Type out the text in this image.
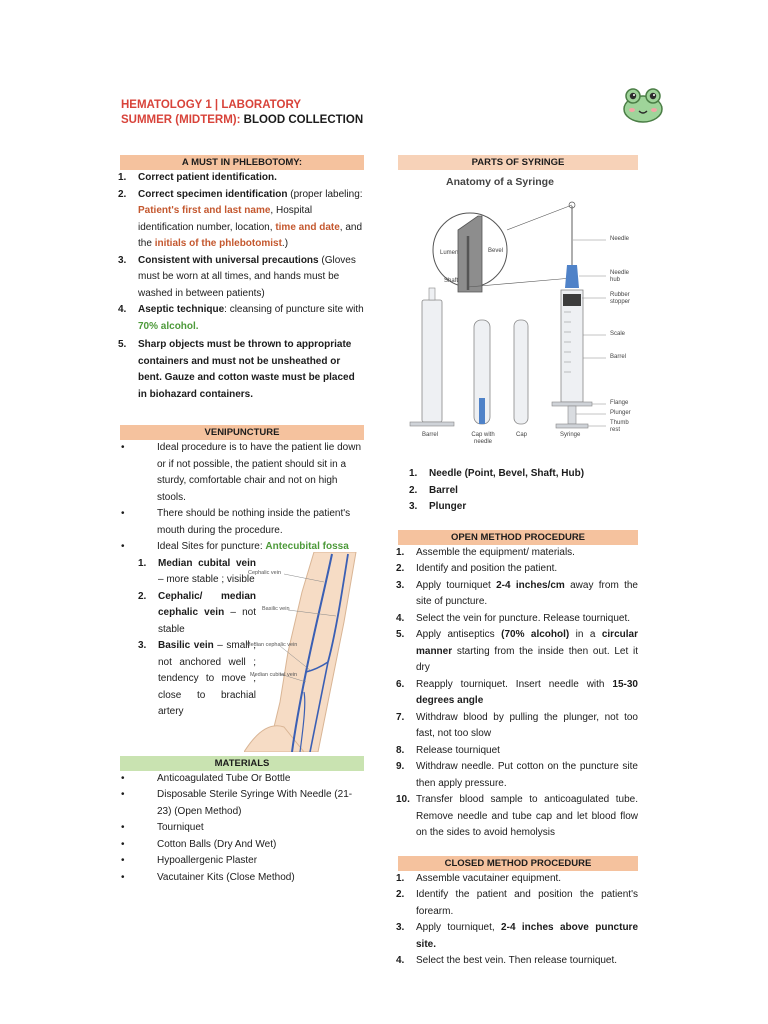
HEMATOLOGY 1 | LABORATORY
SUMMER (MIDTERM): BLOOD COLLECTION
A MUST IN PHLEBOTOMY:
1. Correct patient identification.
2. Correct specimen identification (proper labeling: Patient's first and last name, Hospital identification number, location, time and date, and the initials of the phlebotomist.)
3. Consistent with universal precautions (Gloves must be worn at all times, and hands must be washed in between patients)
4. Aseptic technique: cleansing of puncture site with 70% alcohol.
5. Sharp objects must be thrown to appropriate containers and must not be unsheathed or bent. Gauze and cotton waste must be placed in biohazard containers.
VENIPUNCTURE
• Ideal procedure is to have the patient lie down or if not possible, the patient should sit in a sturdy, comfortable chair and not on high stools.
• There should be nothing inside the patient's mouth during the procedure.
• Ideal Sites for puncture: Antecubital fossa
1. Median cubital vein – more stable ; visible
2. Cephalic/ median cephalic vein – not stable
3. Basilic vein – small ; not anchored well ; tendency to move ; close to brachial artery
Cephalic vein
Basilic vein
Median cephalic vein
Median cubital vein
MATERIALS
• Anticoagulated Tube Or Bottle
• Disposable Sterile Syringe With Needle (21- 23) (Open Method)
• Tourniquet
• Cotton Balls (Dry And Wet)
• Hypoallergenic Plaster
• Vacutainer Kits (Close Method)
PARTS OF SYRINGE
Anatomy of a Syringe
Lumen	Bevel
Shaft
Needle
Needle hub
Rubber stopper
Scale
Barrel
Flange
Plunger
Thumb rest
Barrel	Cap with needle
Cap	Syringe
1. Needle (Point, Bevel, Shaft, Hub)
2. Barrel
3. Plunger
OPEN METHOD PROCEDURE
1. Assemble the equipment/ materials.
2. Identify and position the patient.
3. Apply tourniquet 2-4 inches/cm away from the site of puncture.
4. Select the vein for puncture. Release tourniquet.
5. Apply antiseptics (70% alcohol) in a circular manner starting from the inside then out. Let it dry
6. Reapply tourniquet. Insert needle with 15-30 degrees angle
7. Withdraw blood by pulling the plunger, not too fast, not too slow
8. Release tourniquet
9. Withdraw needle. Put cotton on the puncture site then apply pressure.
10. Transfer blood sample to anticoagulated tube. Remove needle and tube cap and let blood flow on the sides to avoid hemolysis
CLOSED METHOD PROCEDURE
1. Assemble vacutainer equipment.
2. Identify the patient and position the patient's forearm.
3. Apply tourniquet, 2-4 inches above puncture site.
4. Select the best vein. Then release tourniquet.
